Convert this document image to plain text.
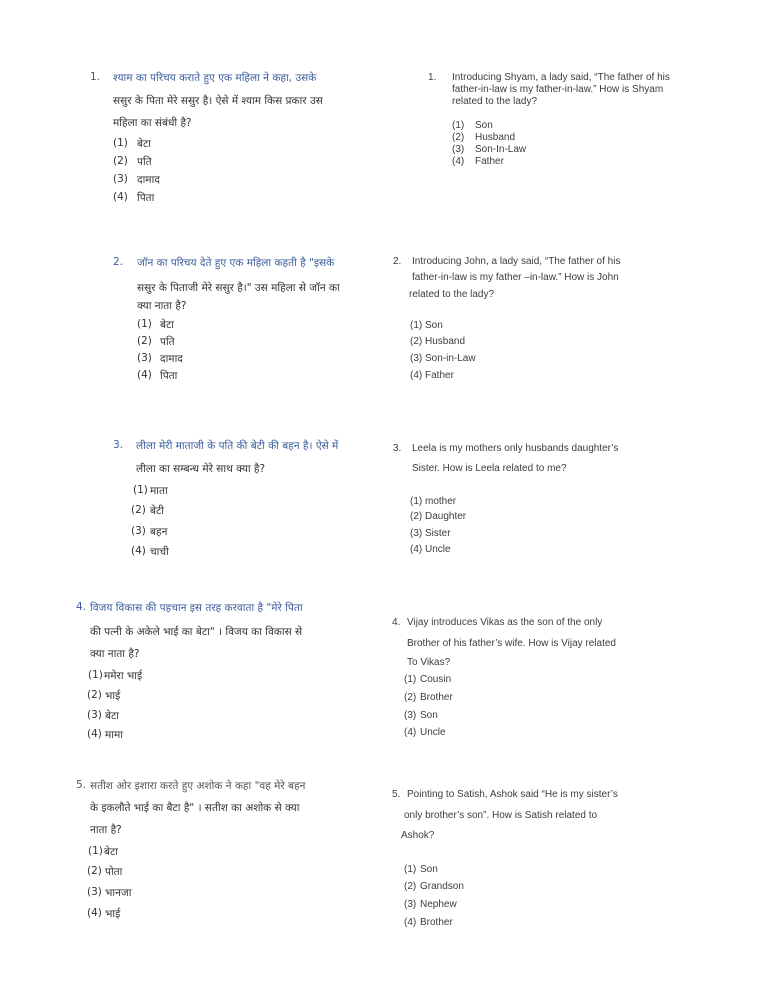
1. श्याम का परिचय कराते हुए एक महिला ने कहा, उसके
ससुर के पिता मेरे ससुर है। ऐसे में श्याम किस प्रकार उस
महिला का संबंधी है?
(1) बेटा
(2) पति
(3) दामाद
(4) पिता
1. Introducing Shyam, a lady said, “The father of his
father-in-law is my father-in-law.” How is Shyam
related to the lady?
(1) Son
(2) Husband
(3) Son-In-Law
(4) Father
2. जॉन का परिचय देते हुए एक महिला कहती है "इसके
ससुर के पिताजी मेरे ससुर है।" उस महिला से जॉन का
क्या नाता है?
(1) बेटा
(2) पति
(3) दामाद
(4) पिता
2. Introducing John, a lady said, “The father of his
father-in-law is my father –in-law.” How is John
related to the lady?
(1) Son
(2) Husband
(3) Son-in-Law
(4) Father
3. लीला मेरी माताजी के पति की बेटी की बहन है। ऐसे में
लीला का सम्बन्ध मेरे साथ क्या है?
(1) माता
(2) बेटी
(3) बहन
(4) चाची
3. Leela is my mothers only husbands daughter’s
Sister. How is Leela related to me?
(1) mother
(2) Daughter
(3) Sister
(4) Uncle
4. विजय विकास की पहचान इस तरह करवाता है "मेरे पिता
की पत्नी के अकेले भाई का बेटा" । विजय का विकास से
क्या नाता है?
(1) ममेरा भाई
(2) भाई
(3) बेटा
(4) मामा
4. Vijay introduces Vikas as the son of the only
Brother of his father’s wife. How is Vijay related
To Vikas?
(1) Cousin
(2) Brother
(3) Son
(4) Uncle
5. सतीश ओर इशारा करते हुए अशोक ने कहा "वह मेरे बहन
के इकलौते भाई का बैटा है" । सतीश का अशोक से क्या
नाता है?
(1) बेटा
(2) पोता
(3) भानजा
(4) भाई
5. Pointing to Satish, Ashok said “He is my sister’s
only brother’s son”. How is Satish related to
Ashok?
(1) Son
(2) Grandson
(3) Nephew
(4) Brother
